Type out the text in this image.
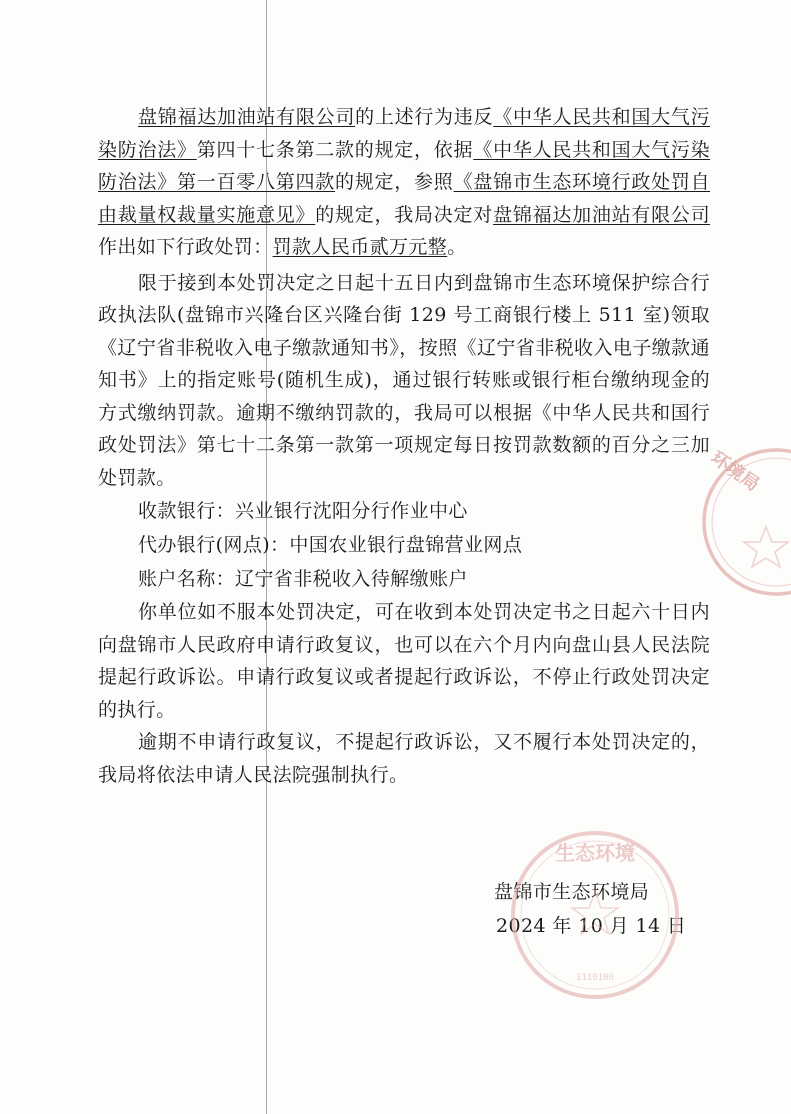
盘锦福达加油站有限公司的上述行为违反《中华人民共和国大气污染防治法》第四十七条第二款的规定，依据《中华人民共和国大气污染防治法》第一百零八第四款的规定，参照《盘锦市生态环境行政处罚自由裁量权裁量实施意见》的规定，我局决定对盘锦福达加油站有限公司作出如下行政处罚：罚款人民币贰万元整。

限于接到本处罚决定之日起十五日内到盘锦市生态环境保护综合行政执法队(盘锦市兴隆台区兴隆台街 129 号工商银行楼上 511 室)领取《辽宁省非税收入电子缴款通知书》，按照《辽宁省非税收入电子缴款通知书》上的指定账号(随机生成)，通过银行转账或银行柜台缴纳现金的方式缴纳罚款。逾期不缴纳罚款的，我局可以根据《中华人民共和国行政处罚法》第七十二条第一款第一项规定每日按罚款数额的百分之三加处罚款。

收款银行：兴业银行沈阳分行作业中心

代办银行(网点)：中国农业银行盘锦营业网点

账户名称：辽宁省非税收入待解缴账户

你单位如不服本处罚决定，可在收到本处罚决定书之日起六十日内向盘锦市人民政府申请行政复议，也可以在六个月内向盘山县人民法院提起行政诉讼。申请行政复议或者提起行政诉讼，不停止行政处罚决定的执行。

逾期不申请行政复议，不提起行政诉讼，又不履行本处罚决定的，我局将依法申请人民法院强制执行。

盘锦市生态环境局

2024 年 10 月 14 日

环境局
生态环境
1110100
